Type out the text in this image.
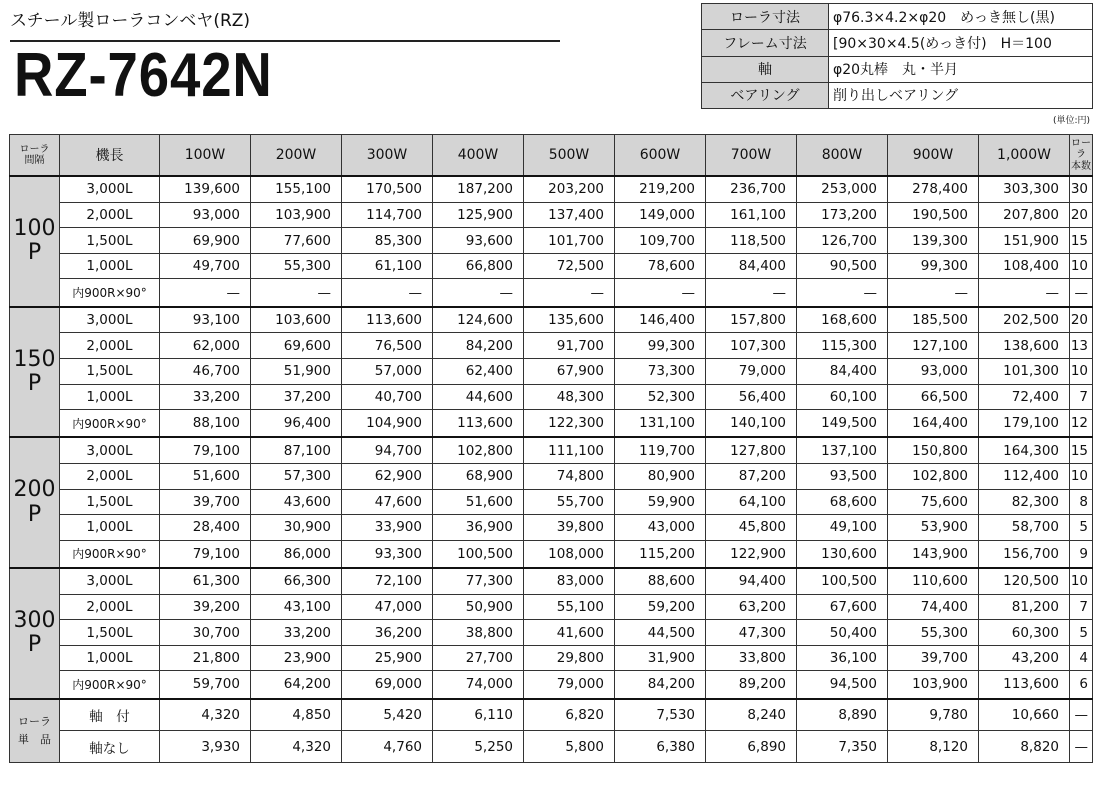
スチール製ローラコンベヤ(RZ)
RZ-7642N
ローラ寸法	φ76.3×4.2×φ20　めっき無し(黒)
フレーム寸法	[90×30×4.5(めっき付)　H＝100
軸	φ20丸棒　丸・半月
ベアリング	削り出しベアリング
(単位:円)
ローラ
間隔	機長	100W	200W	300W	400W	500W	600W	700W	800W	900W	1,000W	ローラ
本数

100
P	3,000L	139,600	155,100	170,500	187,200	203,200	219,200	236,700	253,000	278,400	303,300	30
	2,000L	93,000	103,900	114,700	125,900	137,400	149,000	161,100	173,200	190,500	207,800	20
	1,500L	69,900	77,600	85,300	93,600	101,700	109,700	118,500	126,700	139,300	151,900	15
	1,000L	49,700	55,300	61,100	66,800	72,500	78,600	84,400	90,500	99,300	108,400	10
	内900R×90°	—	—	—	—	—	—	—	—	—	—	—

150
P	3,000L	93,100	103,600	113,600	124,600	135,600	146,400	157,800	168,600	185,500	202,500	20
	2,000L	62,000	69,600	76,500	84,200	91,700	99,300	107,300	115,300	127,100	138,600	13
	1,500L	46,700	51,900	57,000	62,400	67,900	73,300	79,000	84,400	93,000	101,300	10
	1,000L	33,200	37,200	40,700	44,600	48,300	52,300	56,400	60,100	66,500	72,400	7
	内900R×90°	88,100	96,400	104,900	113,600	122,300	131,100	140,100	149,500	164,400	179,100	12

200
P	3,000L	79,100	87,100	94,700	102,800	111,100	119,700	127,800	137,100	150,800	164,300	15
	2,000L	51,600	57,300	62,900	68,900	74,800	80,900	87,200	93,500	102,800	112,400	10
	1,500L	39,700	43,600	47,600	51,600	55,700	59,900	64,100	68,600	75,600	82,300	8
	1,000L	28,400	30,900	33,900	36,900	39,800	43,000	45,800	49,100	53,900	58,700	5
	内900R×90°	79,100	86,000	93,300	100,500	108,000	115,200	122,900	130,600	143,900	156,700	9

300
P	3,000L	61,300	66,300	72,100	77,300	83,000	88,600	94,400	100,500	110,600	120,500	10
	2,000L	39,200	43,100	47,000	50,900	55,100	59,200	63,200	67,600	74,400	81,200	7
	1,500L	30,700	33,200	36,200	38,800	41,600	44,500	47,300	50,400	55,300	60,300	5
	1,000L	21,800	23,900	25,900	27,700	29,800	31,900	33,800	36,100	39,700	43,200	4
	内900R×90°	59,700	64,200	69,000	74,000	79,000	84,200	89,200	94,500	103,900	113,600	6

ローラ
単　品	軸　付	4,320	4,850	5,420	6,110	6,820	7,530	8,240	8,890	9,780	10,660	—
	軸なし	3,930	4,320	4,760	5,250	5,800	6,380	6,890	7,350	8,120	8,820	—
